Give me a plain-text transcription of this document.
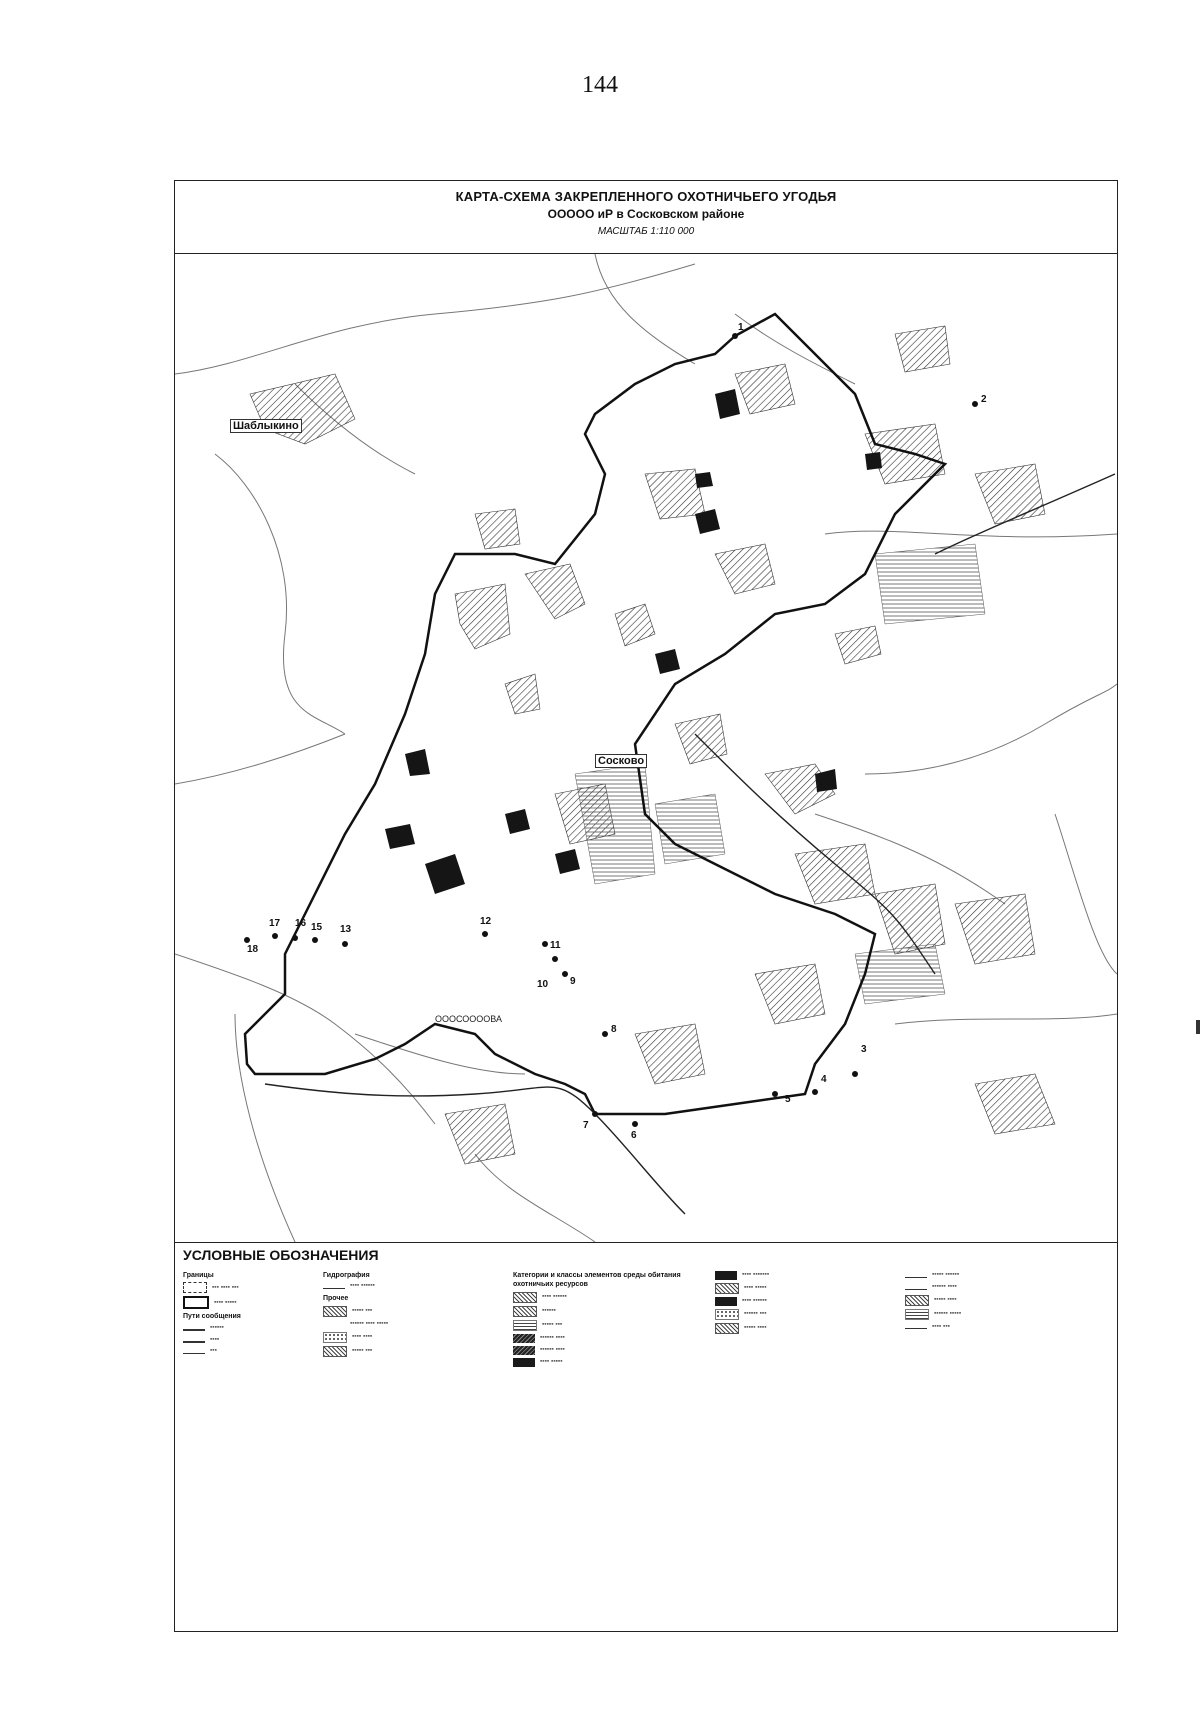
144
КАРТА-СХЕМА ЗАКРЕПЛЕННОГО ОХОТНИЧЬЕГО УГОДЬЯ
ООООО иР в Сосковском районе
МАСШТАБ 1:110 000
Шаблыкино
Сосково
ОООСООООВА
1
2
3
4
5
6
7
8
9
10
11
12
13
15
16
17
18
УСЛОВНЫЕ ОБОЗНАЧЕНИЯ
Границы
▪▪▪ ▪▪▪▪ ▪▪▪
▪▪▪▪ ▪▪▪▪▪
Пути сообщения
▪▪▪▪▪▪
▪▪▪▪
▪▪▪
Гидрография
▪▪▪▪ ▪▪▪▪▪▪
Прочее
▪▪▪▪▪ ▪▪▪
▪▪▪▪▪▪ ▪▪▪▪ ▪▪▪▪▪
▪▪▪▪ ▪▪▪▪
▪▪▪▪▪ ▪▪▪
Категории и классы элементов среды обитания охотничьих ресурсов
▪▪▪▪ ▪▪▪▪▪▪
▪▪▪▪▪▪
▪▪▪▪▪ ▪▪▪
▪▪▪▪▪▪ ▪▪▪▪
▪▪▪▪▪▪ ▪▪▪▪
▪▪▪▪ ▪▪▪▪▪
▪▪▪▪ ▪▪▪▪▪▪▪
▪▪▪▪ ▪▪▪▪▪
▪▪▪▪ ▪▪▪▪▪▪
▪▪▪▪▪▪ ▪▪▪
▪▪▪▪▪ ▪▪▪▪
▪▪▪▪▪ ▪▪▪▪▪▪
▪▪▪▪▪▪ ▪▪▪▪
▪▪▪▪▪ ▪▪▪▪
▪▪▪▪▪▪ ▪▪▪▪▪
▪▪▪▪ ▪▪▪
